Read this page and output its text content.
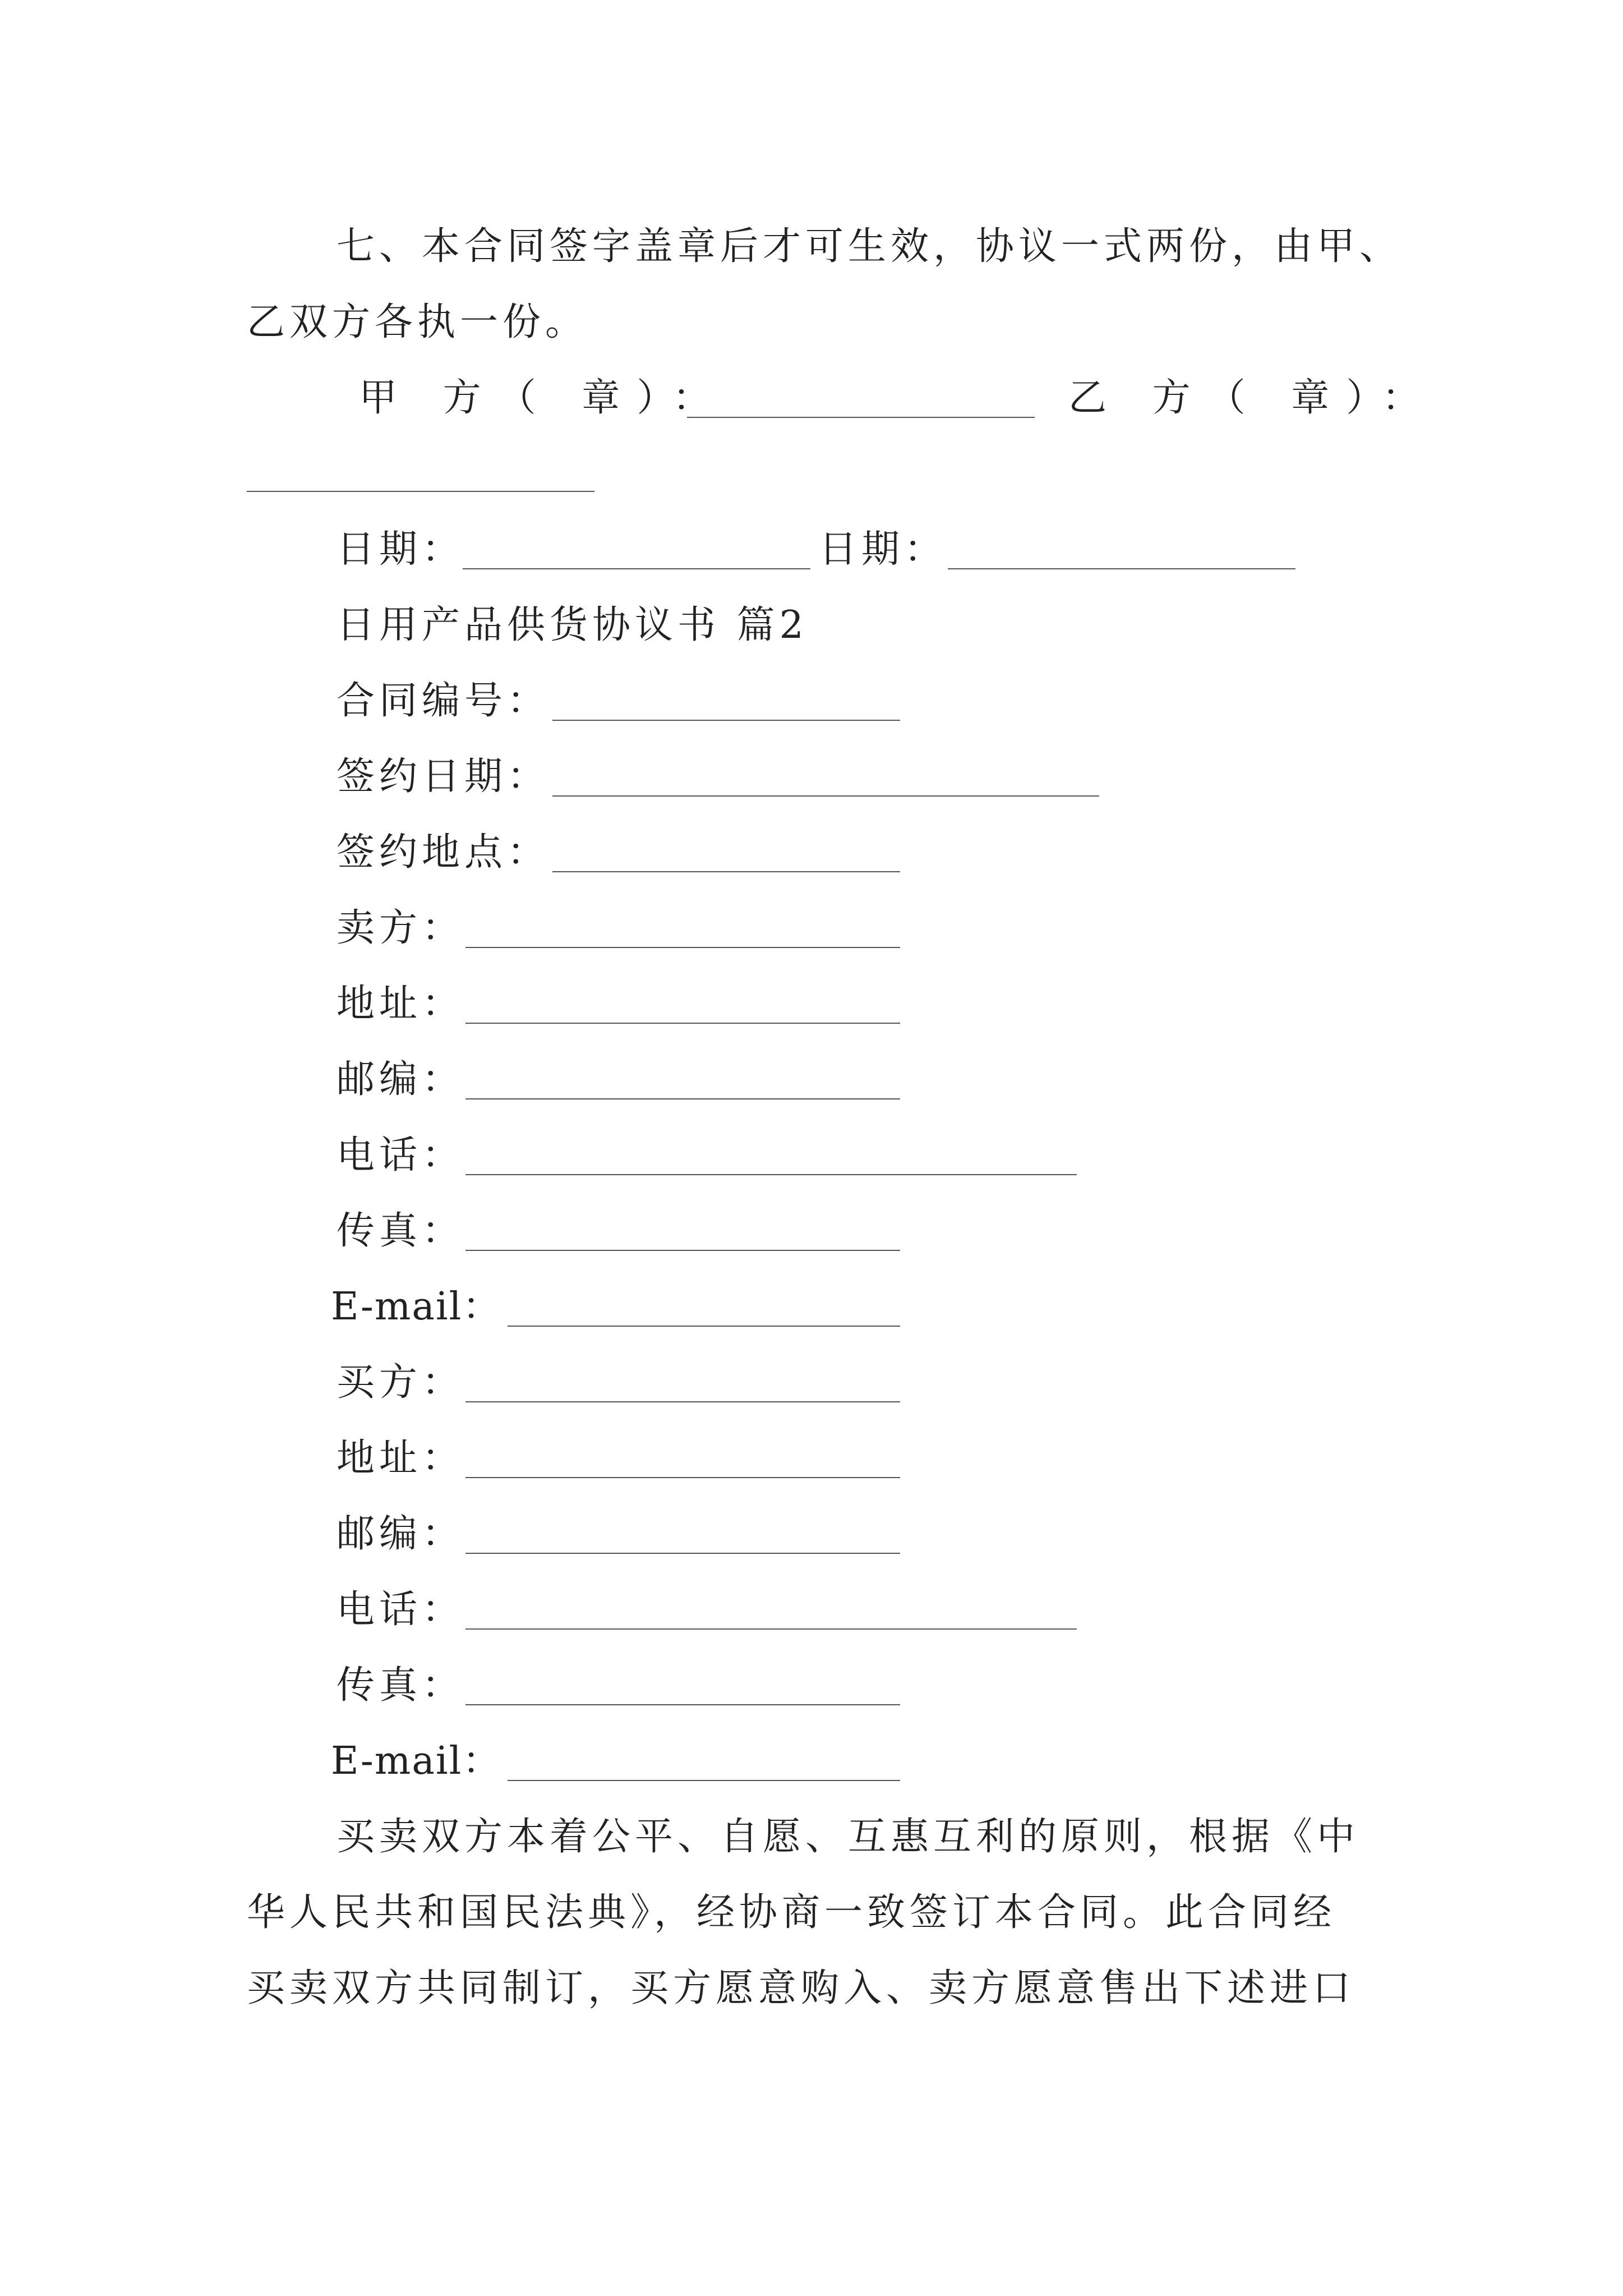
七、本合同签字盖章后才可生效，协议一式两份，由甲、
乙双方各执一份。
甲 方（ 章）：	乙 方（ 章）：
日期：	日期：
日用产品供货协议书 篇2
合同编号：
签约日期：
签约地点：
卖方：
地址：
邮编：
电话：
传真：
E-mail：
买方：
地址：
邮编：
电话：
传真：
E-mail：
买卖双方本着公平、自愿、互惠互利的原则，根据《中
华人民共和国民法典》，经协商一致签订本合同。此合同经
买卖双方共同制订，买方愿意购入、卖方愿意售出下述进口
